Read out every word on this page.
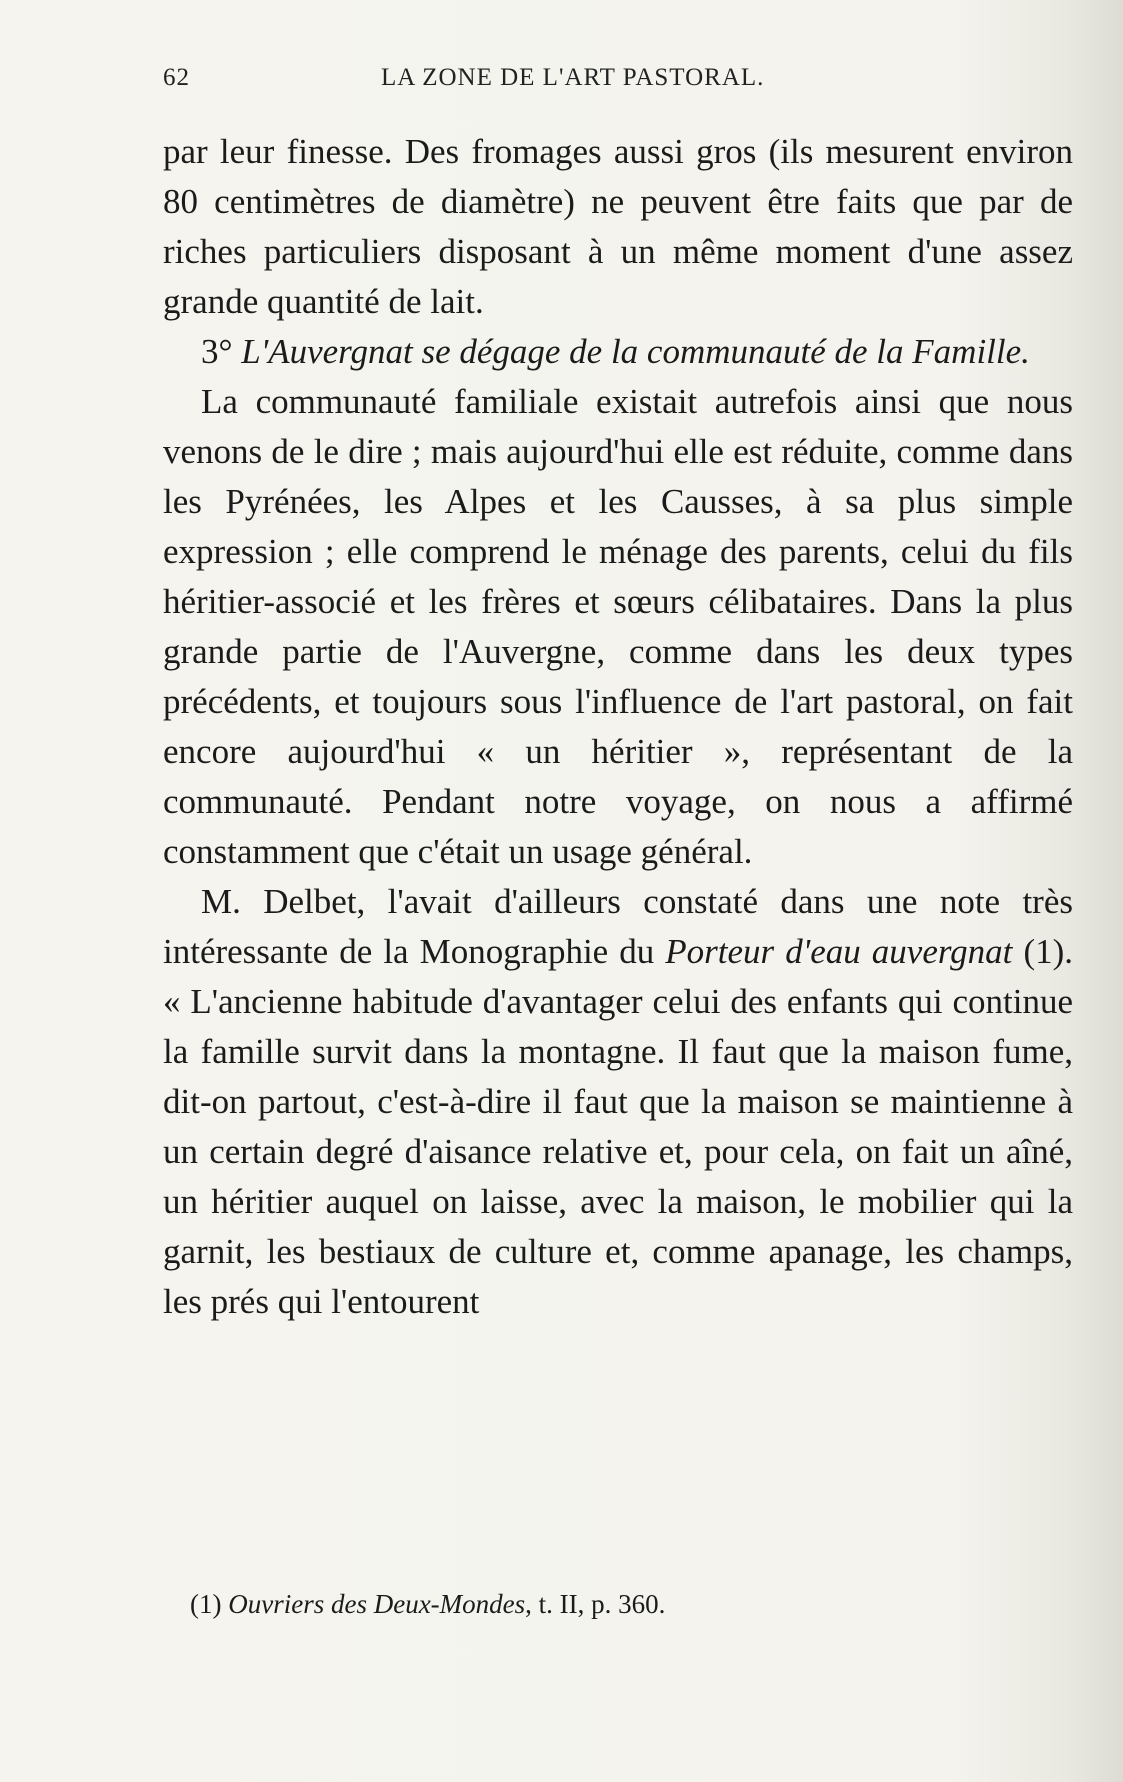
62	LA ZONE DE L'ART PASTORAL.

par leur finesse. Des fromages aussi gros (ils mesurent environ 80 centimètres de diamètre) ne peuvent être faits que par de riches particuliers disposant à un même moment d'une assez grande quantité de lait.

3° L'Auvergnat se dégage de la communauté de la Famille.

La communauté familiale existait autrefois ainsi que nous venons de le dire ; mais aujourd'hui elle est réduite, comme dans les Pyrénées, les Alpes et les Causses, à sa plus simple expression ; elle comprend le ménage des parents, celui du fils héritier-associé et les frères et sœurs célibataires. Dans la plus grande partie de l'Auvergne, comme dans les deux types précédents, et toujours sous l'influence de l'art pastoral, on fait encore aujourd'hui « un héritier », représentant de la communauté. Pendant notre voyage, on nous a affirmé constamment que c'était un usage général.

M. Delbet, l'avait d'ailleurs constaté dans une note très intéressante de la Monographie du Porteur d'eau auvergnat (1). « L'ancienne habitude d'avantager celui des enfants qui continue la famille survit dans la montagne. Il faut que la maison fume, dit-on partout, c'est-à-dire il faut que la maison se maintienne à un certain degré d'aisance relative et, pour cela, on fait un aîné, un héritier auquel on laisse, avec la maison, le mobilier qui la garnit, les bestiaux de culture et, comme apanage, les champs, les prés qui l'entourent

(1) Ouvriers des Deux-Mondes, t. II, p. 360.
